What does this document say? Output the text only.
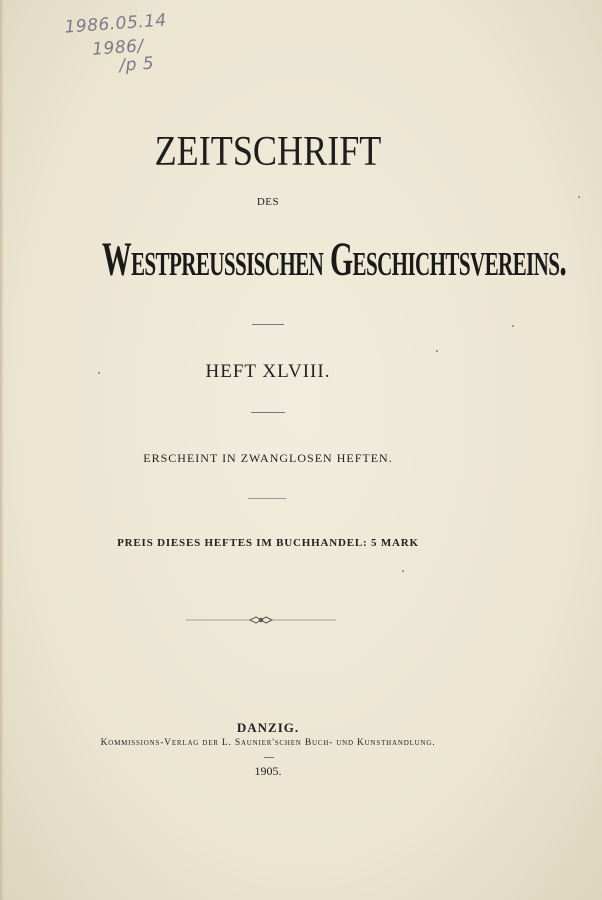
1986.05.14
1986/
/p 5
ZEITSCHRIFT
DES
Westpreussischen Geschichtsvereins.
HEFT XLVIII.
ERSCHEINT IN ZWANGLOSEN HEFTEN.
PREIS DIESES HEFTES IM BUCHHANDEL: 5 MARK
DANZIG.
Kommissions-Verlag der L. Saunier'schen Buch- und Kunsthandlung.
1905.
